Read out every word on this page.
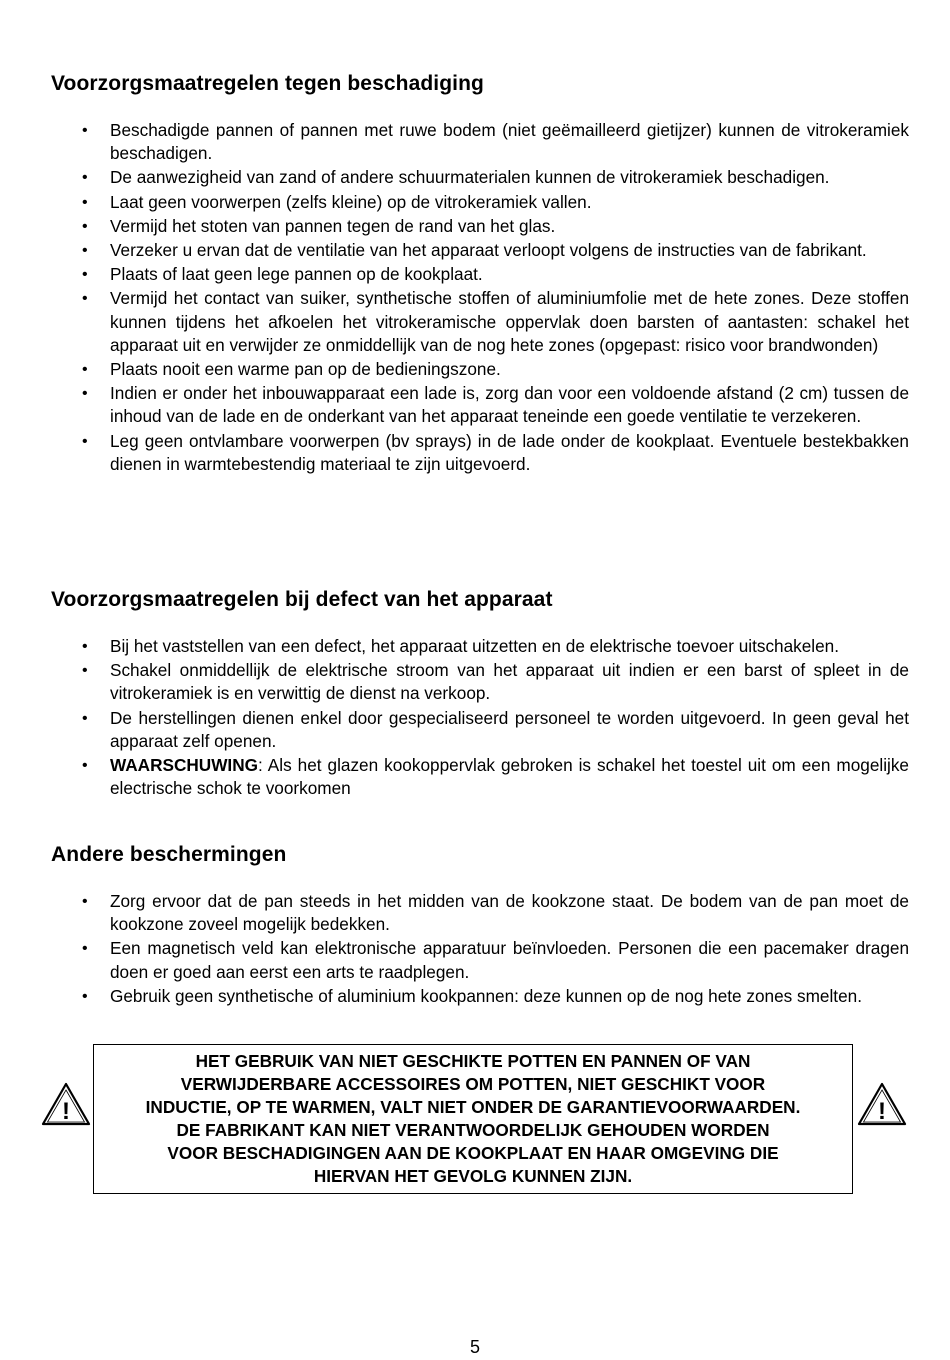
Voorzorgsmaatregelen tegen beschadiging
• Beschadigde pannen of pannen met ruwe bodem (niet geëmailleerd gietijzer) kunnen de vitrokeramiek beschadigen.
• De aanwezigheid van zand of andere schuurmaterialen kunnen de vitrokeramiek beschadigen.
• Laat geen voorwerpen (zelfs kleine) op de vitrokeramiek vallen.
• Vermijd het stoten van pannen tegen de rand van het glas.
• Verzeker u ervan dat de ventilatie van het apparaat verloopt volgens de instructies van de fabrikant.
• Plaats of laat geen lege pannen op de kookplaat.
• Vermijd het contact van suiker, synthetische stoffen of aluminiumfolie met de hete zones. Deze stoffen kunnen tijdens het afkoelen het vitrokeramische oppervlak doen barsten of aantasten: schakel het apparaat uit en verwijder ze onmiddellijk van de nog hete zones (opgepast: risico voor brandwonden)
• Plaats nooit een warme pan op de bedieningszone.
• Indien er onder het inbouwapparaat een lade is, zorg dan voor een voldoende afstand (2 cm) tussen de inhoud van de lade en de onderkant van het apparaat teneinde een goede ventilatie te verzekeren.
• Leg geen ontvlambare voorwerpen (bv sprays) in de lade onder de kookplaat. Eventuele bestekbakken dienen in warmtebestendig materiaal te zijn uitgevoerd.
Voorzorgsmaatregelen bij defect van het apparaat
• Bij het vaststellen van een defect, het apparaat uitzetten en de elektrische toevoer uitschakelen.
• Schakel onmiddellijk de elektrische stroom van het apparaat uit indien er een barst of spleet in de vitrokeramiek is en verwittig de dienst na verkoop.
• De herstellingen dienen enkel door gespecialiseerd personeel te worden uitgevoerd. In geen geval het apparaat zelf openen.
• WAARSCHUWING: Als het glazen kookoppervlak gebroken is schakel het toestel uit om een mogelijke electrische schok te voorkomen
Andere beschermingen
• Zorg ervoor dat de pan steeds in het midden van de kookzone staat. De bodem van de pan moet de kookzone zoveel mogelijk bedekken.
• Een magnetisch veld kan elektronische apparatuur beïnvloeden. Personen die een pacemaker dragen doen er goed aan eerst een arts te raadplegen.
• Gebruik geen synthetische of aluminium kookpannen: deze kunnen op de nog hete zones smelten.
!
HET GEBRUIK VAN NIET GESCHIKTE POTTEN EN PANNEN OF VAN
VERWIJDERBARE ACCESSOIRES OM POTTEN, NIET GESCHIKT VOOR
INDUCTIE, OP TE WARMEN, VALT NIET ONDER DE GARANTIEVOORWAARDEN.
DE FABRIKANT KAN NIET VERANTWOORDELIJK GEHOUDEN WORDEN
VOOR BESCHADIGINGEN AAN DE KOOKPLAAT EN HAAR OMGEVING DIE
HIERVAN HET GEVOLG KUNNEN ZIJN.
!
5
